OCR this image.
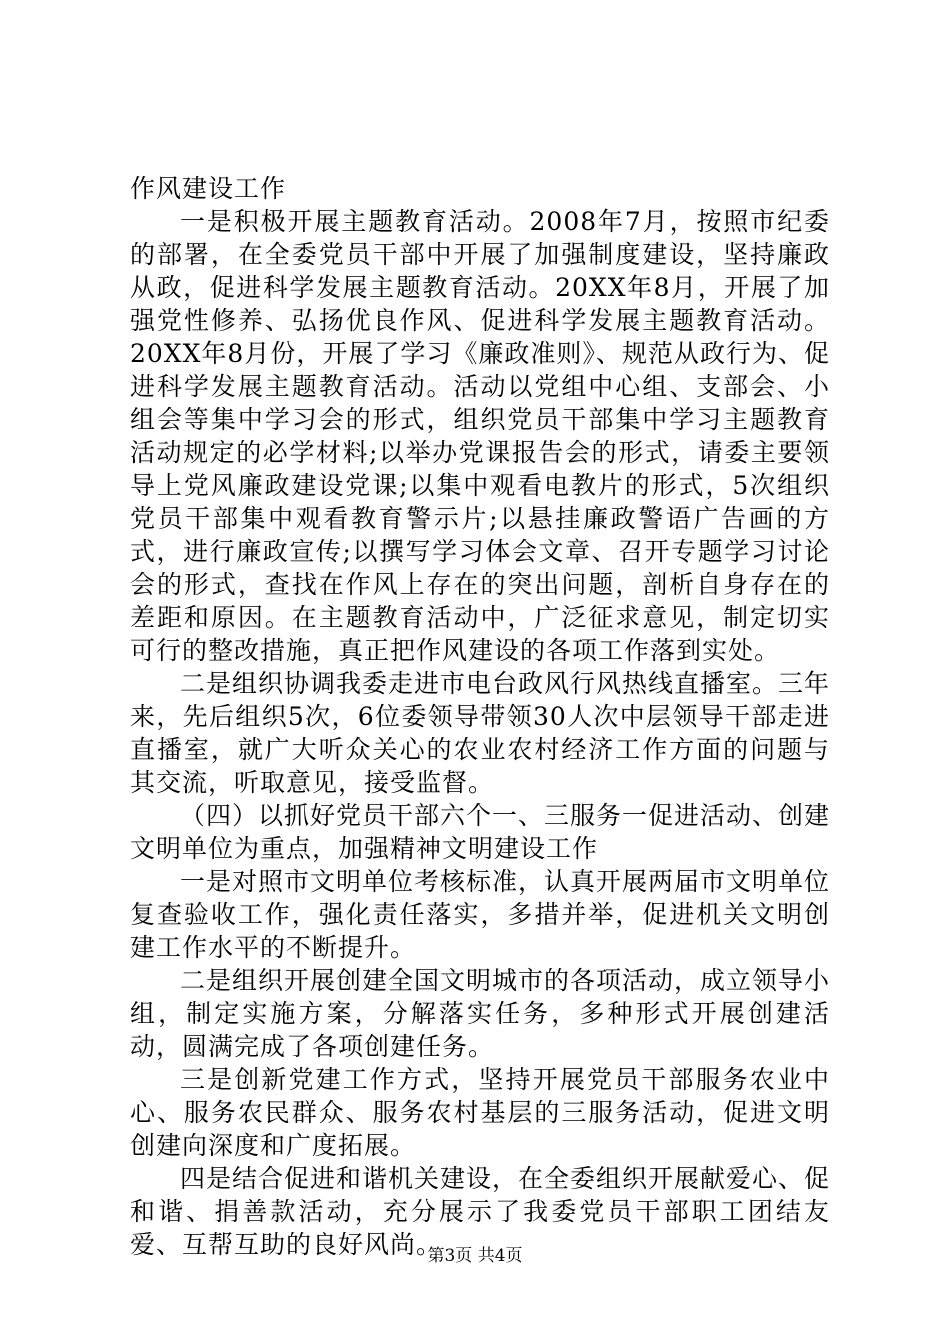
作风建设工作

一是积极开展主题教育活动。2008年7月，按照市纪委的部署，在全委党员干部中开展了加强制度建设，坚持廉政从政，促进科学发展主题教育活动。20XX年8月，开展了加强党性修养、弘扬优良作风、促进科学发展主题教育活动。20XX年8月份，开展了学习《廉政准则》、规范从政行为、促进科学发展主题教育活动。活动以党组中心组、支部会、小组会等集中学习会的形式，组织党员干部集中学习主题教育活动规定的必学材料;以举办党课报告会的形式，请委主要领导上党风廉政建设党课;以集中观看电教片的形式，5次组织党员干部集中观看教育警示片;以悬挂廉政警语广告画的方式，进行廉政宣传;以撰写学习体会文章、召开专题学习讨论会的形式，查找在作风上存在的突出问题，剖析自身存在的差距和原因。在主题教育活动中，广泛征求意见，制定切实可行的整改措施，真正把作风建设的各项工作落到实处。

二是组织协调我委走进市电台政风行风热线直播室。三年来，先后组织5次，6位委领导带领30人次中层领导干部走进直播室，就广大听众关心的农业农村经济工作方面的问题与其交流，听取意见，接受监督。

（四）以抓好党员干部六个一、三服务一促进活动、创建文明单位为重点，加强精神文明建设工作

一是对照市文明单位考核标准，认真开展两届市文明单位复查验收工作，强化责任落实，多措并举，促进机关文明创建工作水平的不断提升。

二是组织开展创建全国文明城市的各项活动，成立领导小组，制定实施方案，分解落实任务，多种形式开展创建活动，圆满完成了各项创建任务。

三是创新党建工作方式，坚持开展党员干部服务农业中心、服务农民群众、服务农村基层的三服务活动，促进文明创建向深度和广度拓展。

四是结合促进和谐机关建设，在全委组织开展献爱心、促和谐、捐善款活动，充分展示了我委党员干部职工团结友爱、互帮互助的良好风尚。

第3页 共4页
